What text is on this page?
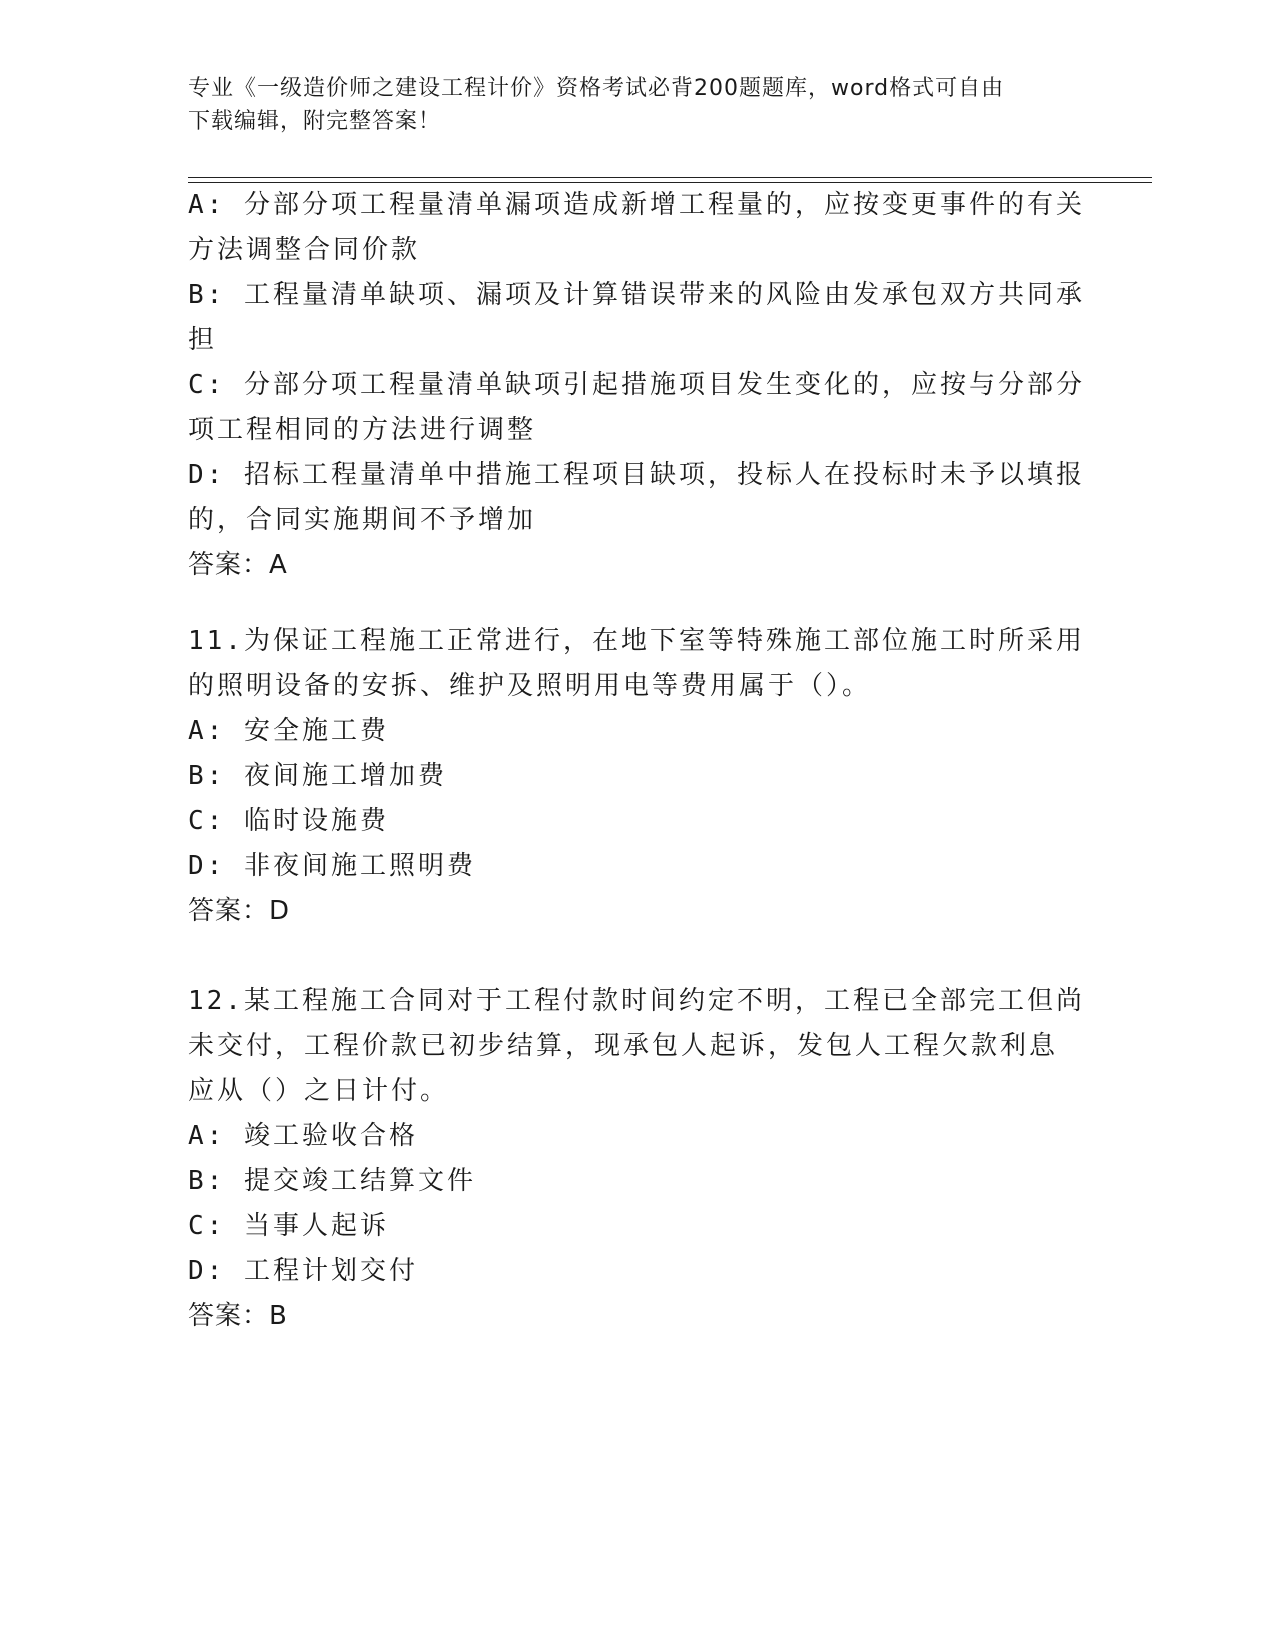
专业《一级造价师之建设工程计价》资格考试必背200题题库，word格式可自由
下载编辑，附完整答案！
A: 分部分项工程量清单漏项造成新增工程量的，应按变更事件的有关
方法调整合同价款
B: 工程量清单缺项、漏项及计算错误带来的风险由发承包双方共同承
担
C: 分部分项工程量清单缺项引起措施项目发生变化的，应按与分部分
项工程相同的方法进行调整
D: 招标工程量清单中措施工程项目缺项，投标人在投标时未予以填报
的，合同实施期间不予增加
答案：A
11.为保证工程施工正常进行，在地下室等特殊施工部位施工时所采用
的照明设备的安拆、维护及照明用电等费用属于（）。
A: 安全施工费
B: 夜间施工增加费
C: 临时设施费
D: 非夜间施工照明费
答案：D
12.某工程施工合同对于工程付款时间约定不明，工程已全部完工但尚
未交付，工程价款已初步结算，现承包人起诉，发包人工程欠款利息
应从（）之日计付。
A: 竣工验收合格
B: 提交竣工结算文件
C: 当事人起诉
D: 工程计划交付
答案：B
